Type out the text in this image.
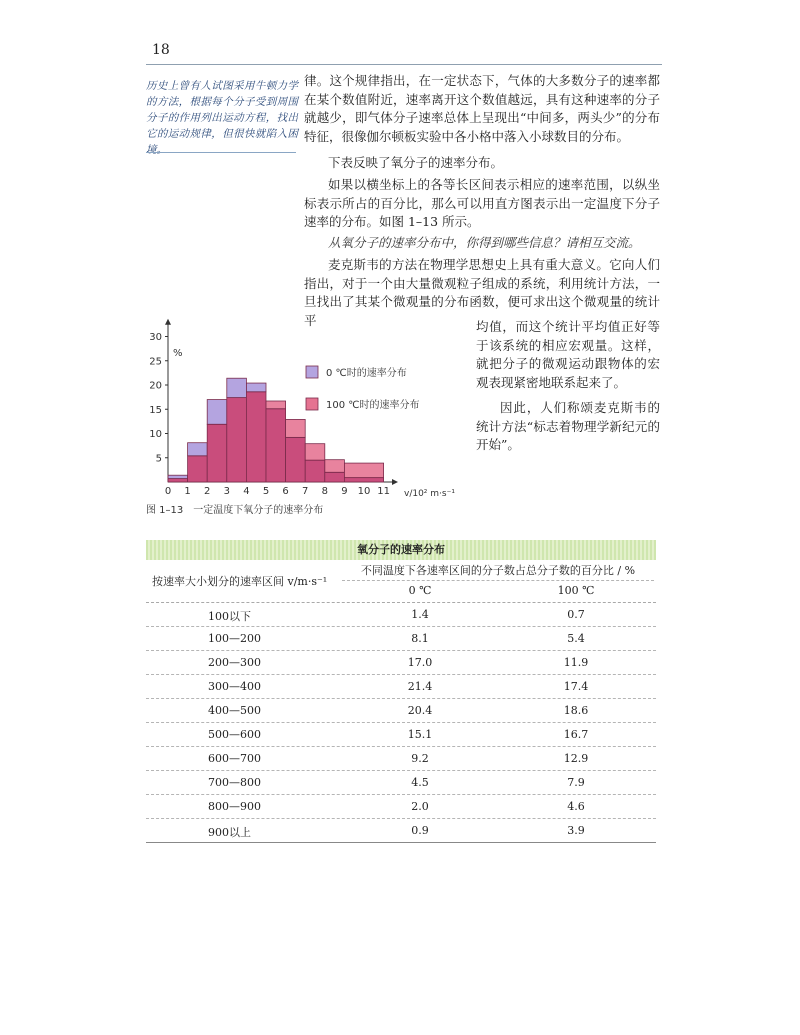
18
历史上曾有人试图采用牛顿力学的方法，根据每个分子受到周围分子的作用列出运动方程，找出它的运动规律，但很快就陷入困境。
律。这个规律指出，在一定状态下，气体的大多数分子的速率都在某个数值附近，速率离开这个数值越远，具有这种速率的分子就越少，即气体分子速率总体上呈现出“中间多，两头少”的分布特征，很像伽尔顿板实验中各小格中落入小球数目的分布。
下表反映了氧分子的速率分布。
如果以横坐标上的各等长区间表示相应的速率范围，以纵坐标表示所占的百分比，那么可以用直方图表示出一定温度下分子速率的分布。如图 1–13 所示。
从氧分子的速率分布中，你得到哪些信息？请相互交流。
麦克斯韦的方法在物理学思想史上具有重大意义。它向人们指出，对于一个由大量微观粒子组成的系统，利用统计方法，一旦找出了其某个微观量的分布函数，便可求出这个微观量的统计平	均值，而这个统计平均值正好等于该系统的相应宏观量。这样，就把分子的微观运动跟物体的宏观表现紧密地联系起来了。
因此，人们称颂麦克斯韦的统计方法“标志着物理学新纪元的开始”。
5
10
15
20
25
30
0 1 2 3 4 5 6 7 8 9 10 11
%
v/10² m·s⁻¹
0 ℃时的速率分布
100 ℃时的速率分布
图 1–13　一定温度下氧分子的速率分布
氧分子的速率分布
按速率大小划分的速率区间 v/m·s⁻¹
不同温度下各速率区间的分子数占总分子数的百分比 / %
0 ℃	100 ℃
100以下	1.4	0.7
100—200	8.1	5.4
200—300	17.0	11.9
300—400	21.4	17.4
400—500	20.4	18.6
500—600	15.1	16.7
600—700	9.2	12.9
700—800	4.5	7.9
800—900	2.0	4.6
900以上	0.9	3.9
